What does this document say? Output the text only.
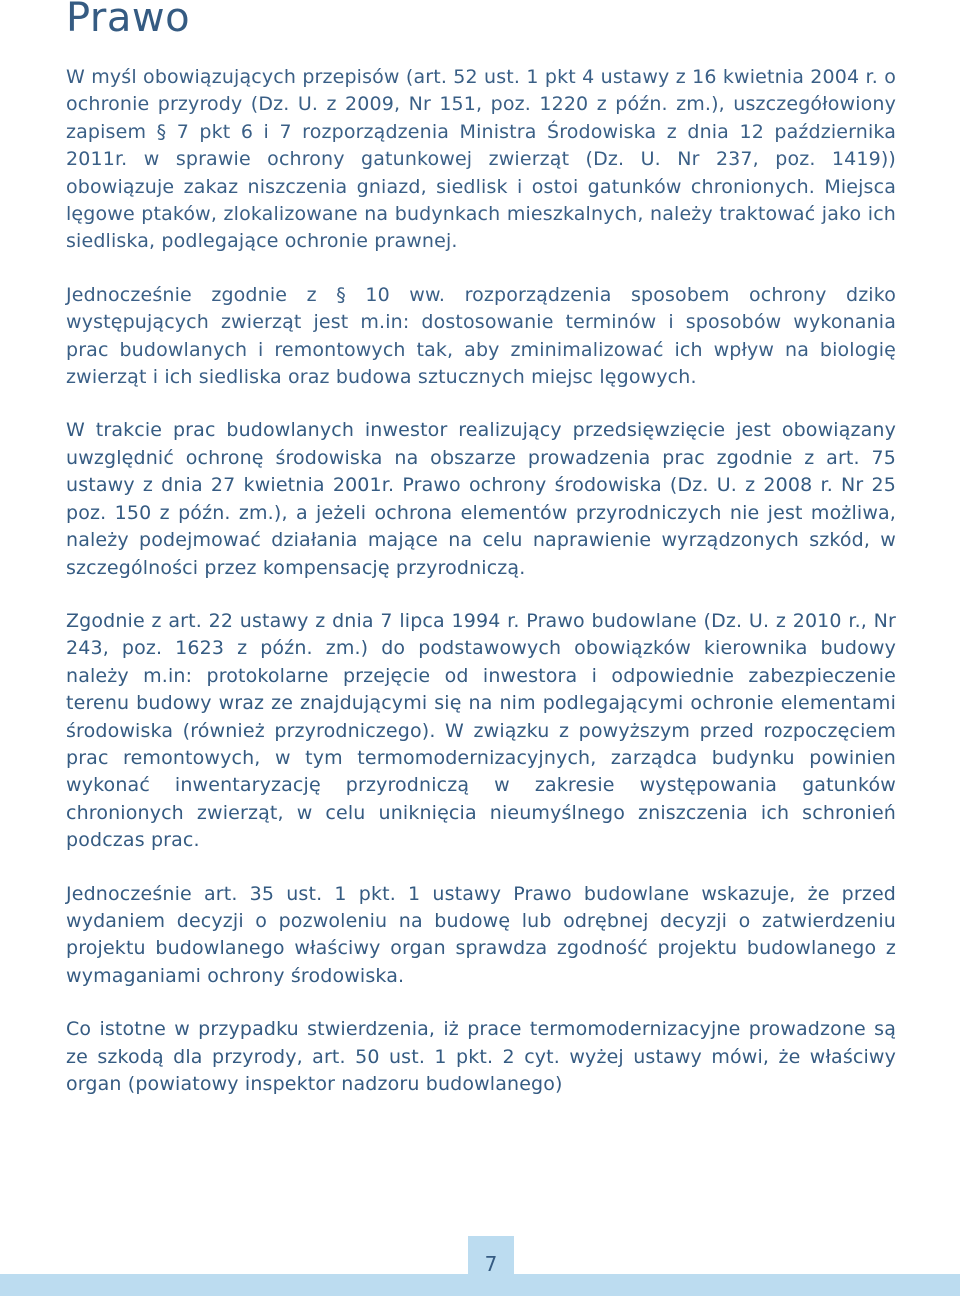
Prawo

W myśl obowiązujących przepisów (art. 52 ust. 1 pkt 4 ustawy z 16 kwietnia 2004 r. o ochronie przyrody (Dz. U. z 2009, Nr 151, poz. 1220 z późn. zm.), uszczegółowiony zapisem § 7 pkt 6 i 7 rozporządzenia Ministra Środowiska z dnia 12 października 2011r. w sprawie ochrony gatunkowej zwierząt (Dz. U. Nr 237, poz. 1419)) obowiązuje zakaz niszczenia gniazd, siedlisk i ostoi gatunków chronionych. Miejsca lęgowe ptaków, zlokalizowane na budynkach mieszkalnych, należy traktować jako ich siedliska, podlegające ochronie prawnej.

Jednocześnie zgodnie z § 10 ww. rozporządzenia sposobem ochrony dziko występujących zwierząt jest m.in: dostosowanie terminów i sposobów wykonania prac budowlanych i remontowych tak, aby zminimalizować ich wpływ na biologię zwierząt i ich siedliska oraz budowa sztucznych miejsc lęgowych.

W trakcie prac budowlanych inwestor realizujący przedsięwzięcie jest obowiązany uwzględnić ochronę środowiska na obszarze prowadzenia prac zgodnie z art. 75 ustawy z dnia 27 kwietnia 2001r. Prawo ochrony środowiska (Dz. U. z 2008 r. Nr 25 poz. 150 z późn. zm.), a jeżeli ochrona elementów przyrodniczych nie jest możliwa, należy podejmować działania mające na celu naprawienie wyrządzonych szkód, w szczególności przez kompensację przyrodniczą.

Zgodnie z art. 22 ustawy z dnia 7 lipca 1994 r. Prawo budowlane (Dz. U. z 2010 r., Nr 243, poz. 1623 z późn. zm.) do podstawowych obowiązków kierownika budowy należy m.in: protokolarne przejęcie od inwestora i odpowiednie zabezpieczenie terenu budowy wraz ze znajdującymi się na nim podlegającymi ochronie elementami środowiska (również przyrodniczego). W związku z powyższym przed rozpoczęciem prac remontowych, w tym termomodernizacyjnych, zarządca budynku powinien wykonać inwentaryzację przyrodniczą w zakresie występowania gatunków chronionych zwierząt, w celu uniknięcia nieumyślnego zniszczenia ich schronień podczas prac.

Jednocześnie art. 35 ust. 1 pkt. 1 ustawy Prawo budowlane wskazuje, że przed wydaniem decyzji o pozwoleniu na budowę lub odrębnej decyzji o zatwierdzeniu projektu budowlanego właściwy organ sprawdza zgodność projektu budowlanego z wymaganiami ochrony środowiska.

Co istotne w przypadku stwierdzenia, iż prace termomodernizacyjne prowadzone są ze szkodą dla przyrody, art. 50 ust. 1 pkt. 2 cyt. wyżej ustawy mówi, że właściwy organ (powiatowy inspektor nadzoru budowlanego)

7
